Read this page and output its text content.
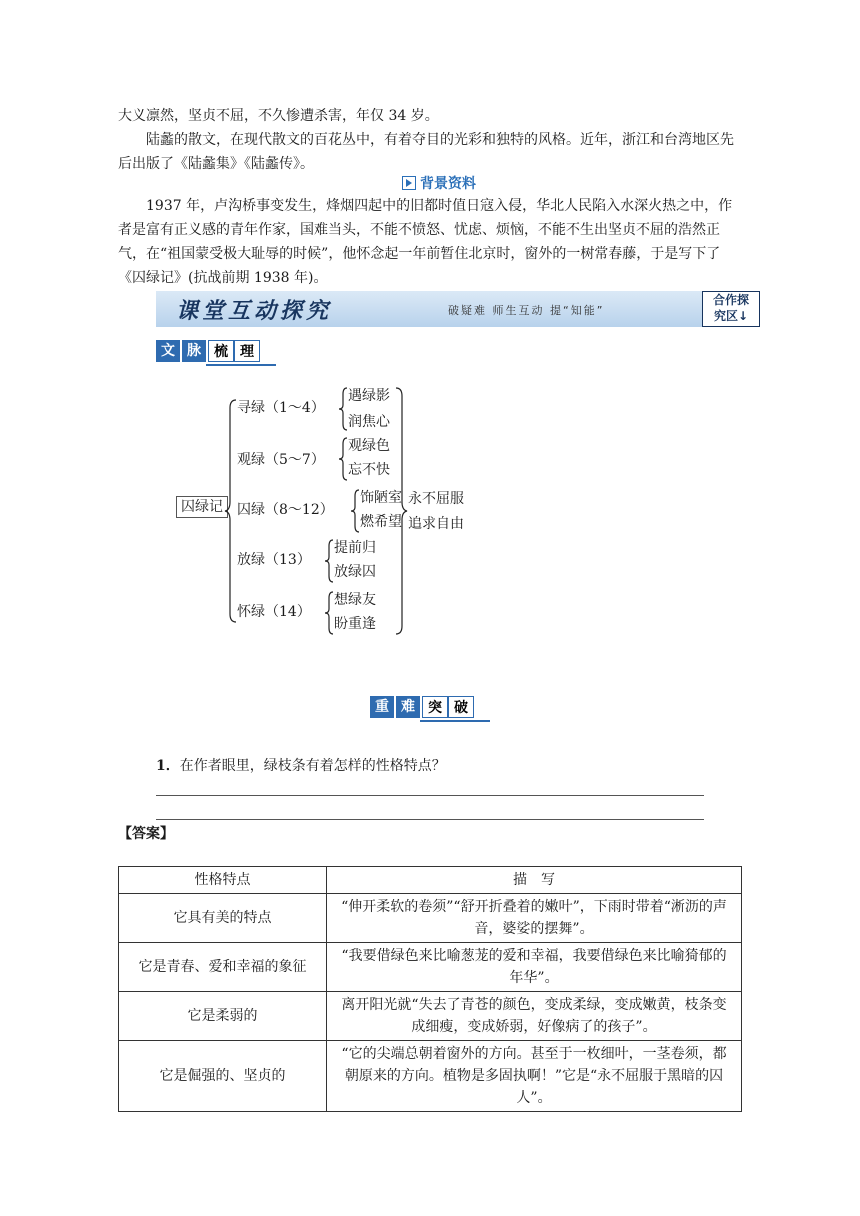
大义凛然，坚贞不屈，不久惨遭杀害，年仅 34 岁。

陆蠡的散文，在现代散文的百花丛中，有着夺目的光彩和独特的风格。近年，浙江和台湾地区先后出版了《陆蠡集》《陆蠡传》。

背景资料

1937 年，卢沟桥事变发生，烽烟四起中的旧都时值日寇入侵，华北人民陷入水深火热之中，作者是富有正义感的青年作家，国难当头，不能不愤怒、忧虑、烦恼，不能不生出坚贞不屈的浩然正气，在“祖国蒙受极大耻辱的时候”，他怀念起一年前暂住北京时，窗外的一树常春藤，于是写下了《囚绿记》(抗战前期 1938 年)。

课堂互动探究	破疑难 师生互动 提“知能”
合作探
究区↓
文 脉 梳 理
囚绿记
寻绿（1～4）
观绿（5～7）
囚绿（8～12）
放绿（13）
怀绿（14）
遇绿影
润焦心
观绿色
忘不快
饰陋室
燃希望
提前归
放绿囚
想绿友
盼重逢
永不屈服
追求自由
重 难 突 破
1．在作者眼里，绿枝条有着怎样的性格特点？
【答案】
性格特点	描　写
它具有美的特点	“伸开柔软的卷须”“舒开折叠着的嫩叶”，下雨时带着“淅沥的声音，婆娑的摆舞”。
它是青春、爱和幸福的象征	“我要借绿色来比喻葱茏的爱和幸福，我要借绿色来比喻猗郁的年华”。
它是柔弱的	离开阳光就“失去了青苍的颜色，变成柔绿，变成嫩黄，枝条变成细瘦，变成娇弱，好像病了的孩子”。
它是倔强的、坚贞的	“它的尖端总朝着窗外的方向。甚至于一枚细叶，一茎卷须，都朝原来的方向。植物是多固执啊！”它是“永不屈服于黑暗的囚人”。
